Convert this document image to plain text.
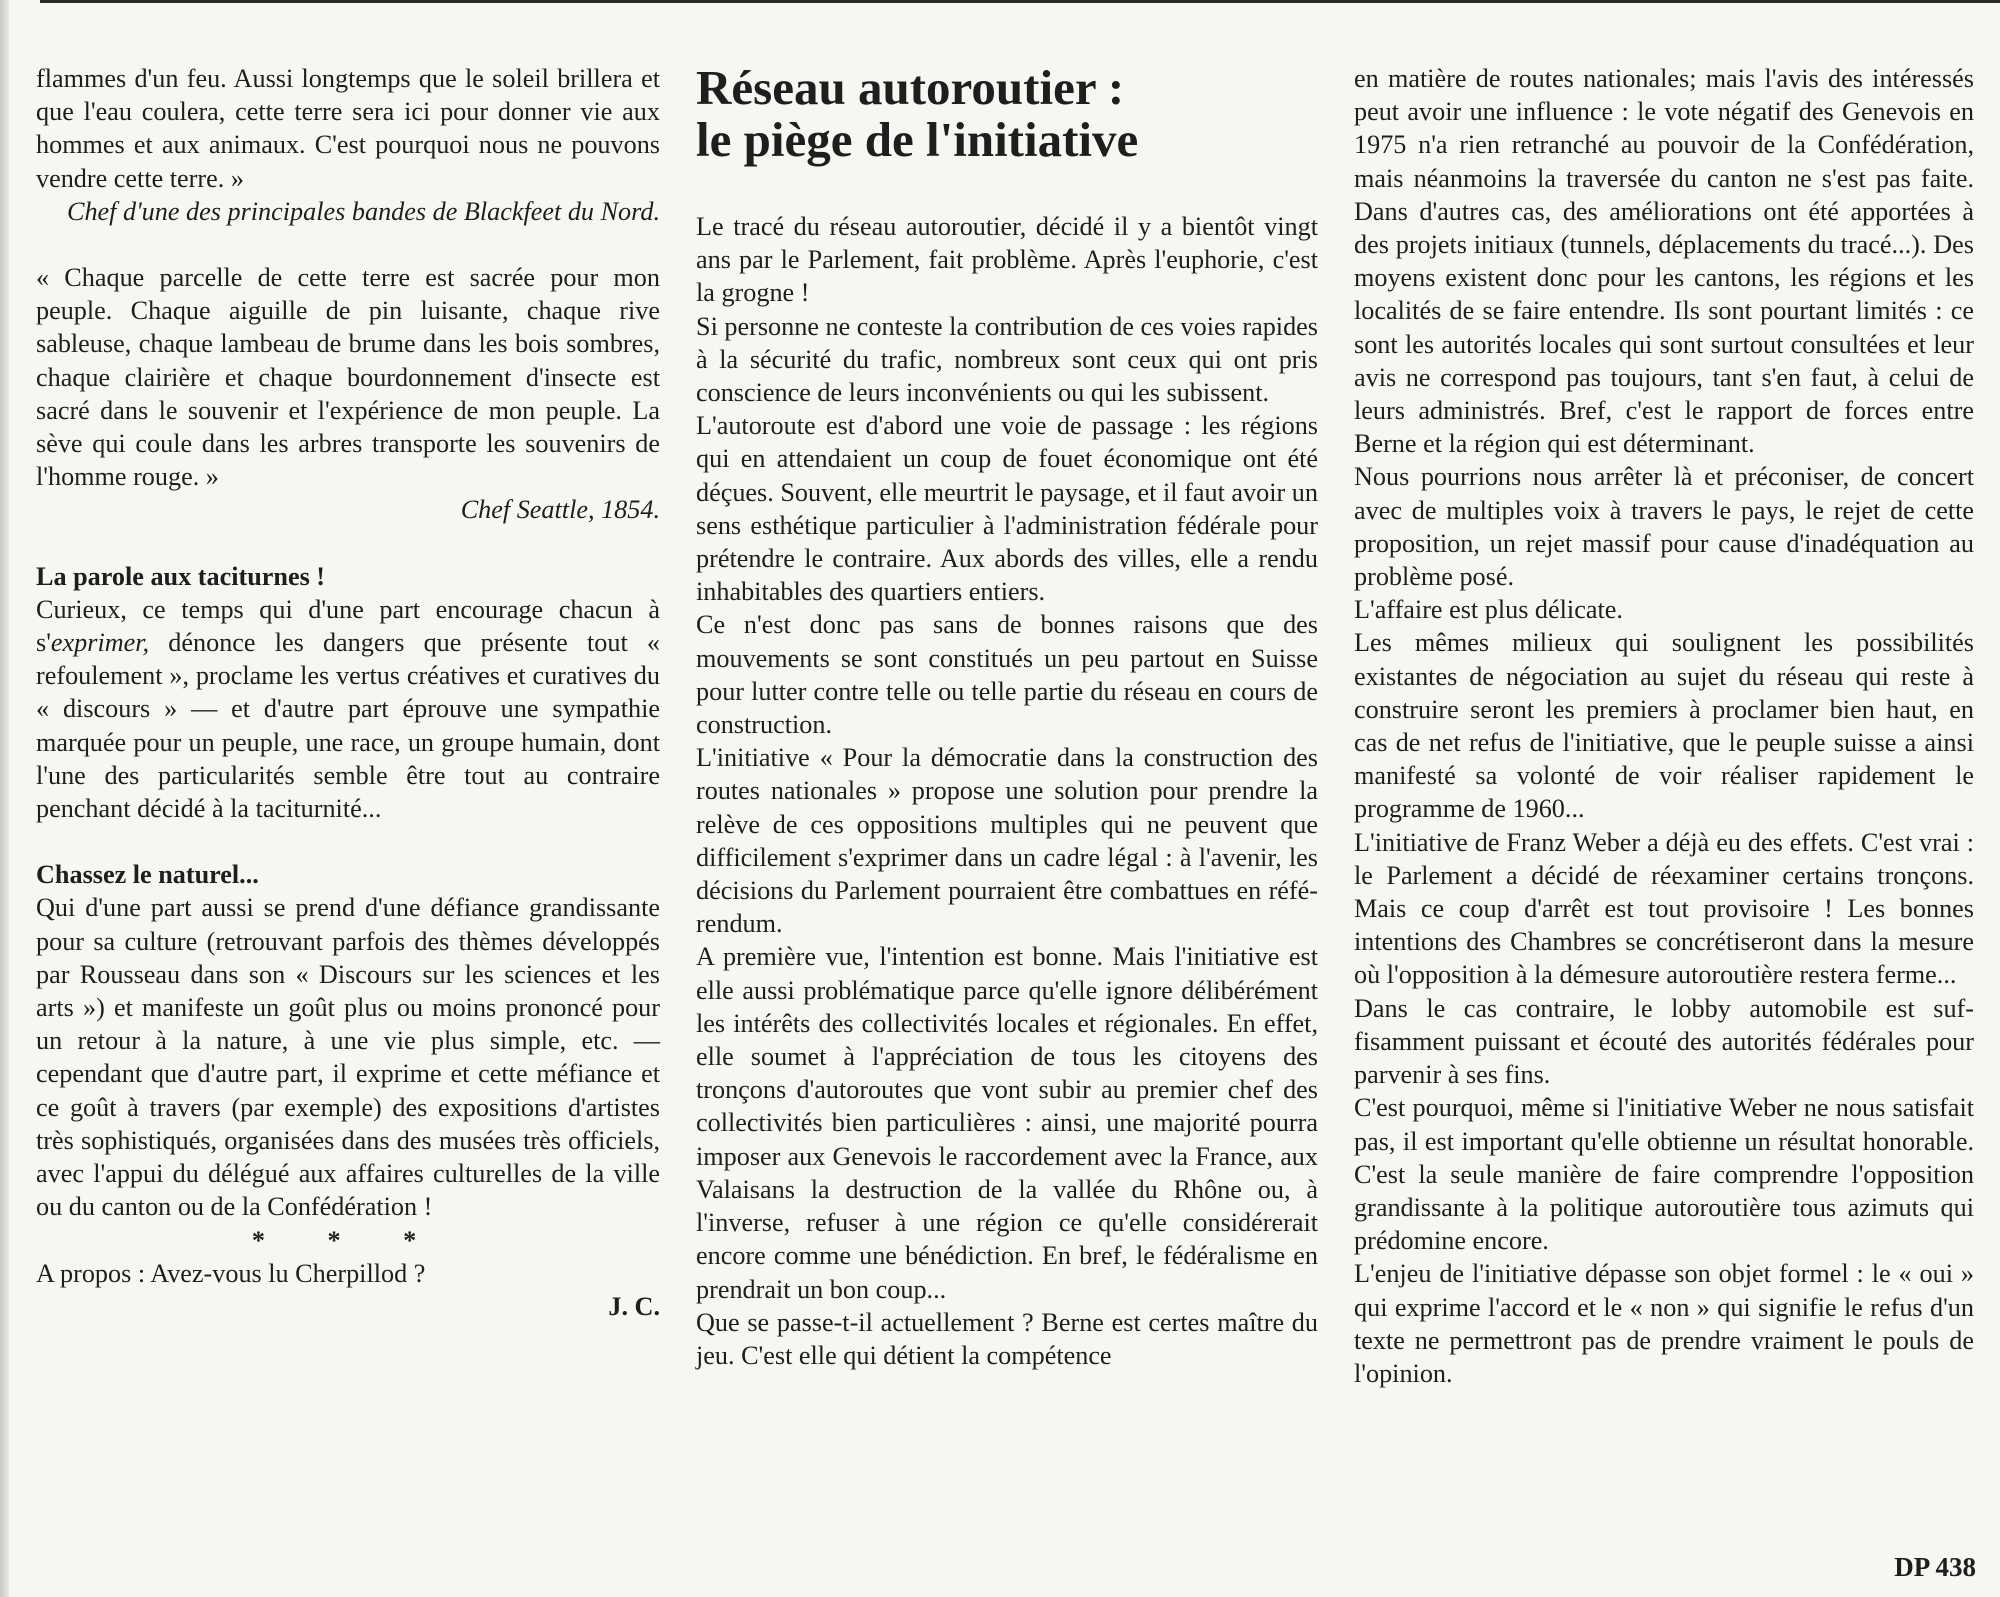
flammes d'un feu. Aussi longtemps que le soleil brillera et que l'eau coulera, cette terre sera ici pour donner vie aux hommes et aux animaux. C'est pourquoi nous ne pouvons vendre cette terre. »

Chef d'une des principales bandes de Blackfeet du Nord.

« Chaque parcelle de cette terre est sacrée pour mon peuple. Chaque aiguille de pin luisante, chaque rive sableuse, chaque lambeau de brume dans les bois sombres, chaque clairière et chaque bourdonnement d'insecte est sacré dans le souvenir et l'expérience de mon peuple. La sève qui coule dans les arbres transporte les souvenirs de l'homme rouge. »

Chef Seattle, 1854.

La parole aux taciturnes !

Curieux, ce temps qui d'une part encourage chacun à s'exprimer, dénonce les dangers que présente tout « refoulement », proclame les vertus créatives et curatives du « discours » — et d'autre part éprouve une sympathie marquée pour un peuple, une race, un groupe humain, dont l'une des particularités semble être tout au contraire penchant décidé à la taciturnité...

Chassez le naturel...

Qui d'une part aussi se prend d'une défiance grandissante pour sa culture (retrouvant parfois des thèmes développés par Rousseau dans son « Discours sur les sciences et les arts ») et manifeste un goût plus ou moins prononcé pour un retour à la nature, à une vie plus simple, etc. — cependant que d'autre part, il exprime et cette méfiance et ce goût à travers (par exemple) des expositions d'artistes très sophistiqués, organisées dans des musées très officiels, avec l'appui du délégué aux affaires culturelles de la ville ou du canton ou de la Confédération !

* * *

A propos : Avez-vous lu Cherpillod ?

J. C.

Réseau autoroutier :
le piège de l'initiative

Le tracé du réseau autoroutier, décidé il y a bientôt vingt ans par le Parlement, fait problème. Après l'euphorie, c'est la grogne !

Si personne ne conteste la contribution de ces voies rapides à la sécurité du trafic, nombreux sont ceux qui ont pris conscience de leurs inconvénients ou qui les subissent.

L'autoroute est d'abord une voie de passage : les régions qui en attendaient un coup de fouet économique ont été déçues. Souvent, elle meurtrit le paysage, et il faut avoir un sens esthétique particulier à l'administration fédérale pour prétendre le contraire. Aux abords des villes, elle a rendu inhabitables des quartiers entiers.

Ce n'est donc pas sans de bonnes raisons que des mouvements se sont constitués un peu partout en Suisse pour lutter contre telle ou telle partie du réseau en cours de construction.

L'initiative « Pour la démocratie dans la construction des routes nationales » propose une solution pour prendre la relève de ces oppositions multiples qui ne peuvent que difficilement s'exprimer dans un cadre légal : à l'avenir, les décisions du Parlement pourraient être combattues en référendum.

A première vue, l'intention est bonne. Mais l'initiative est elle aussi problématique parce qu'elle ignore délibérément les intérêts des collectivités locales et régionales. En effet, elle soumet à l'appréciation de tous les citoyens des tronçons d'autoroutes que vont subir au premier chef des collectivités bien particulières : ainsi, une majorité pourra imposer aux Genevois le raccordement avec la France, aux Valaisans la destruction de la vallée du Rhône ou, à l'inverse, refuser à une région ce qu'elle considérerait encore comme une bénédiction. En bref, le fédéralisme en prendrait un bon coup...

Que se passe-t-il actuellement ? Berne est certes maître du jeu. C'est elle qui détient la compétence

en matière de routes nationales; mais l'avis des intéressés peut avoir une influence : le vote négatif des Genevois en 1975 n'a rien retranché au pouvoir de la Confédération, mais néanmoins la traversée du canton ne s'est pas faite. Dans d'autres cas, des améliorations ont été apportées à des projets initiaux (tunnels, déplacements du tracé...). Des moyens existent donc pour les cantons, les régions et les localités de se faire entendre. Ils sont pourtant limités : ce sont les autorités locales qui sont surtout consultées et leur avis ne correspond pas toujours, tant s'en faut, à celui de leurs administrés. Bref, c'est le rapport de forces entre Berne et la région qui est déterminant.

Nous pourrions nous arrêter là et préconiser, de concert avec de multiples voix à travers le pays, le rejet de cette proposition, un rejet massif pour cause d'inadéquation au problème posé.

L'affaire est plus délicate.

Les mêmes milieux qui soulignent les possibilités existantes de négociation au sujet du réseau qui reste à construire seront les premiers à proclamer bien haut, en cas de net refus de l'initiative, que le peuple suisse a ainsi manifesté sa volonté de voir réaliser rapidement le programme de 1960...

L'initiative de Franz Weber a déjà eu des effets. C'est vrai : le Parlement a décidé de réexaminer certains tronçons. Mais ce coup d'arrêt est tout provisoire ! Les bonnes intentions des Chambres se concrétiseront dans la mesure où l'opposition à la démesure autoroutière restera ferme...

Dans le cas contraire, le lobby automobile est suffisamment puissant et écouté des autorités fédérales pour parvenir à ses fins.

C'est pourquoi, même si l'initiative Weber ne nous satisfait pas, il est important qu'elle obtienne un résultat honorable. C'est la seule manière de faire comprendre l'opposition grandissante à la politique autoroutière tous azimuts qui prédomine encore.

L'enjeu de l'initiative dépasse son objet formel : le « oui » qui exprime l'accord et le « non » qui signifie le refus d'un texte ne permettront pas de prendre vraiment le pouls de l'opinion.

DP 438
